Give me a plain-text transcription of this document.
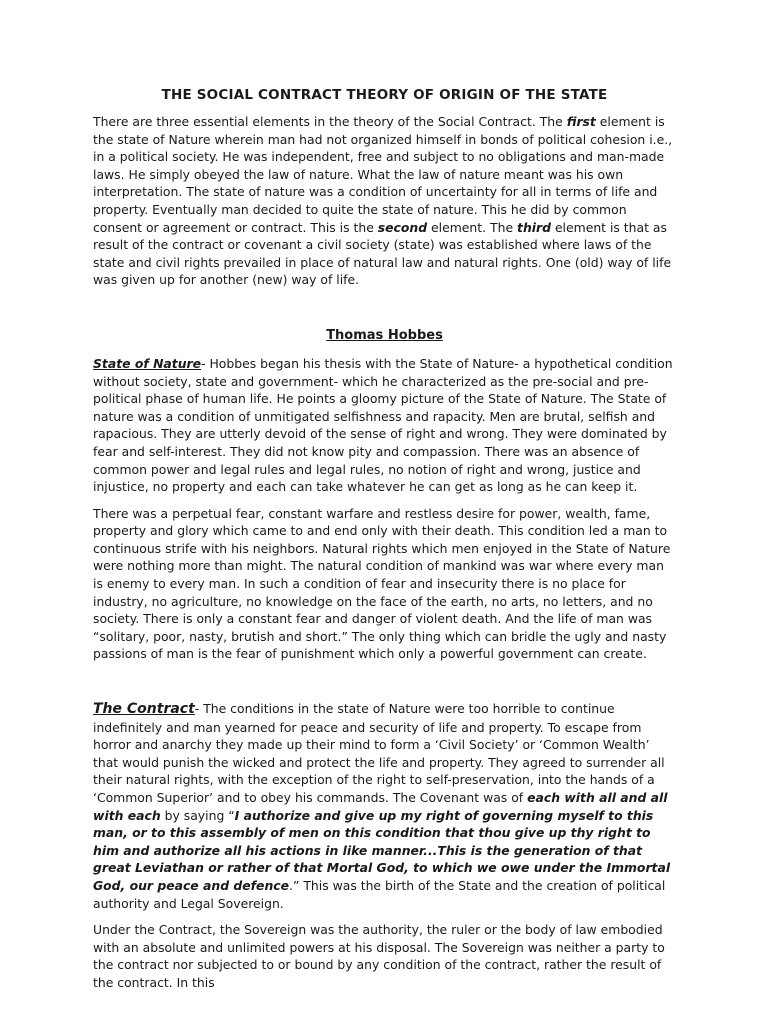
THE SOCIAL CONTRACT THEORY OF ORIGIN OF THE STATE

There are three essential elements in the theory of the Social Contract. The first element is the state of Nature wherein man had not organized himself in bonds of political cohesion i.e., in a political society. He was independent, free and subject to no obligations and man-made laws. He simply obeyed the law of nature. What the law of nature meant was his own interpretation. The state of nature was a condition of uncertainty for all in terms of life and property. Eventually man decided to quite the state of nature. This he did by common consent or agreement or contract. This is the second element. The third element is that as result of the contract or covenant a civil society (state) was established where laws of the state and civil rights prevailed in place of natural law and natural rights. One (old) way of life was given up for another (new) way of life.

Thomas Hobbes

State of Nature- Hobbes began his thesis with the State of Nature- a hypothetical condition without society, state and government- which he characterized as the pre-social and pre-political phase of human life. He points a gloomy picture of the State of Nature. The State of nature was a condition of unmitigated selfishness and rapacity. Men are brutal, selfish and rapacious. They are utterly devoid of the sense of right and wrong. They were dominated by fear and self-interest. They did not know pity and compassion. There was an absence of common power and legal rules and legal rules, no notion of right and wrong, justice and injustice, no property and each can take whatever he can get as long as he can keep it.

There was a perpetual fear, constant warfare and restless desire for power, wealth, fame, property and glory which came to and end only with their death. This condition led a man to continuous strife with his neighbors. Natural rights which men enjoyed in the State of Nature were nothing more than might. The natural condition of mankind was war where every man is enemy to every man. In such a condition of fear and insecurity there is no place for industry, no agriculture, no knowledge on the face of the earth, no arts, no letters, and no society. There is only a constant fear and danger of violent death. And the life of man was “solitary, poor, nasty, brutish and short.” The only thing which can bridle the ugly and nasty passions of man is the fear of punishment which only a powerful government can create.

The Contract- The conditions in the state of Nature were too horrible to continue indefinitely and man yearned for peace and security of life and property. To escape from horror and anarchy they made up their mind to form a ‘Civil Society’ or ‘Common Wealth’ that would punish the wicked and protect the life and property. They agreed to surrender all their natural rights, with the exception of the right to self-preservation, into the hands of a ‘Common Superior’ and to obey his commands. The Covenant was of each with all and all with each by saying “I authorize and give up my right of governing myself to this man, or to this assembly of men on this condition that thou give up thy right to him and authorize all his actions in like manner...This is the generation of that great Leviathan or rather of that Mortal God, to which we owe under the Immortal God, our peace and defence.” This was the birth of the State and the creation of political authority and Legal Sovereign.

Under the Contract, the Sovereign was the authority, the ruler or the body of law embodied with an absolute and unlimited powers at his disposal. The Sovereign was neither a party to the contract nor subjected to or bound by any condition of the contract, rather the result of the contract. In this
